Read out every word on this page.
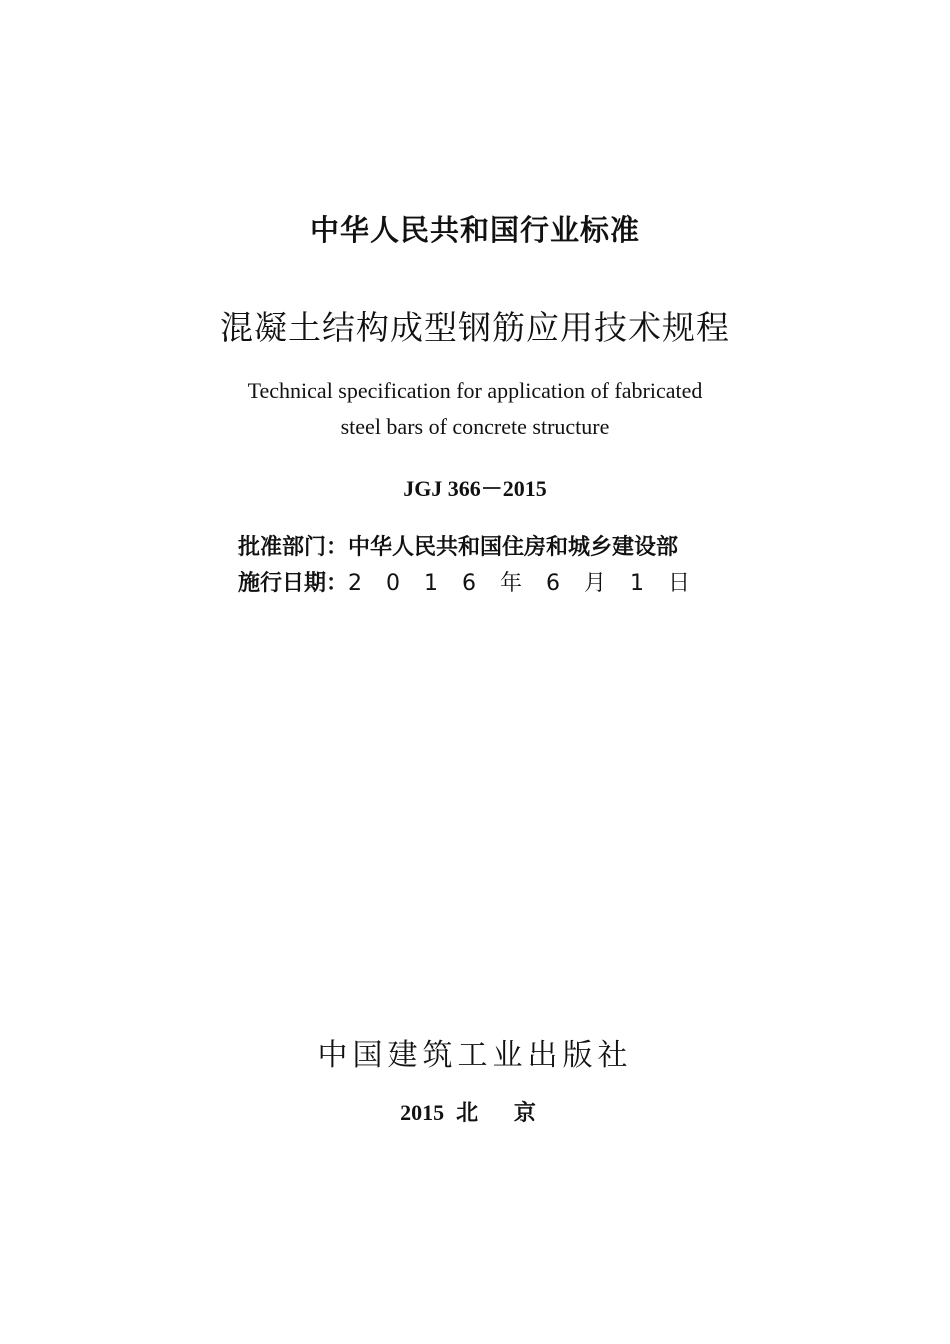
中华人民共和国行业标准
混凝土结构成型钢筋应用技术规程
Technical specification for application of fabricated
steel bars of concrete structure
JGJ 366－2015
批准部门：中华人民共和国住房和城乡建设部
施行日期：2 0 1 6 年 6 月 1 日
中国建筑工业出版社
2015 北 京
